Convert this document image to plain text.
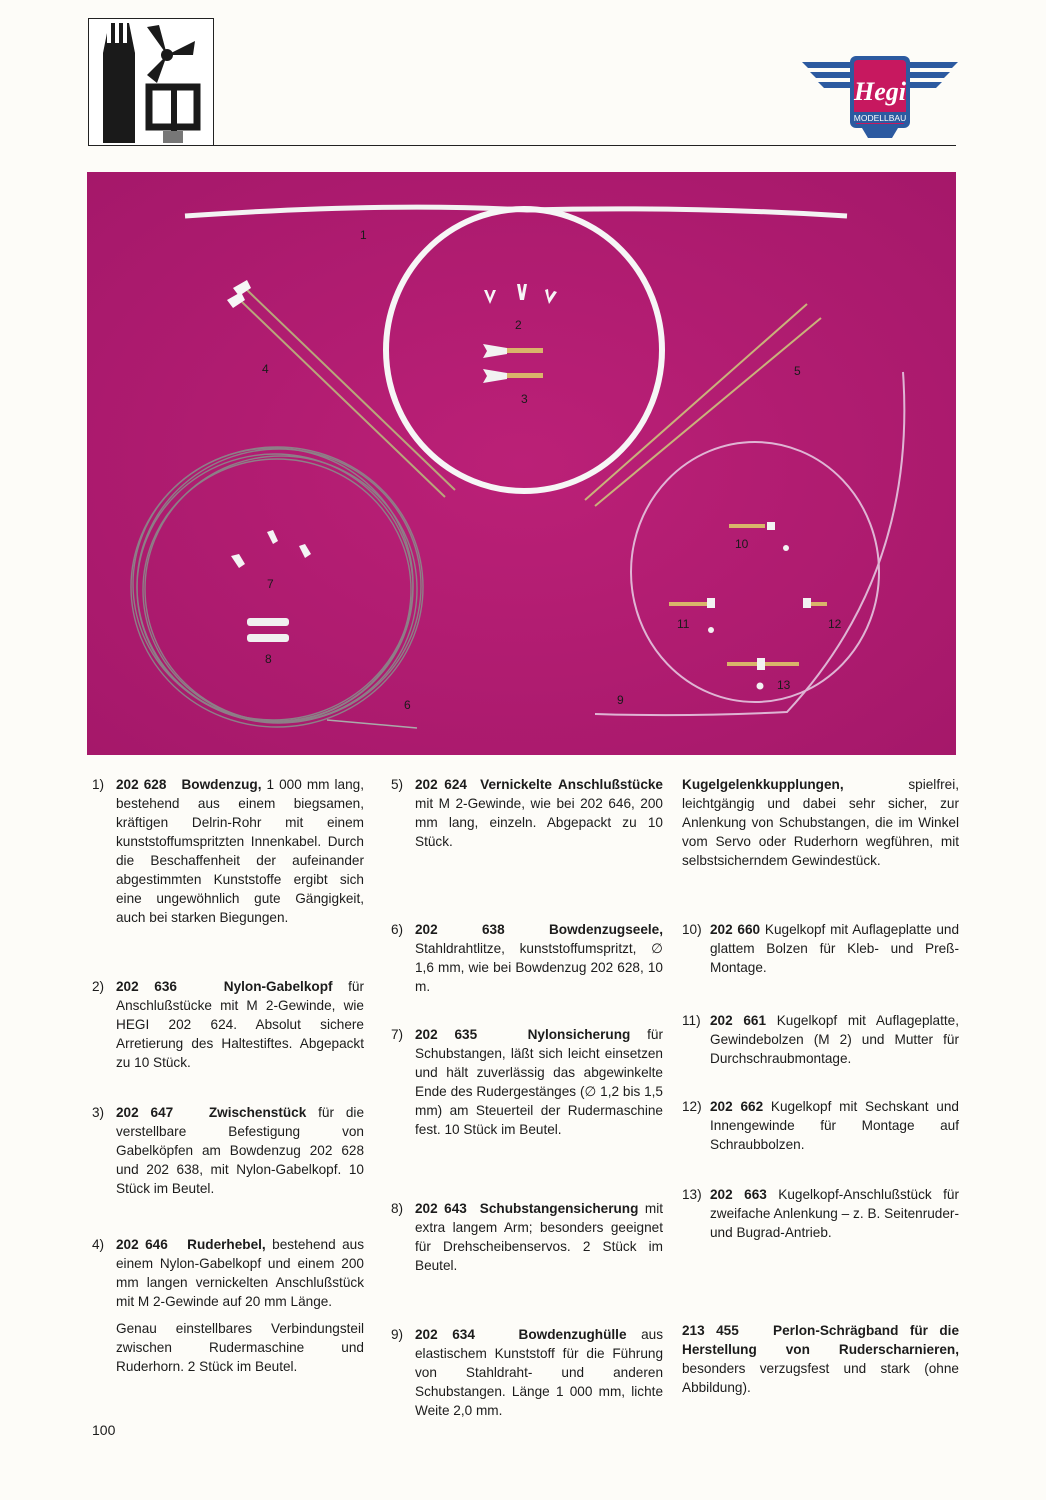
Hegi
MODELLBAU
1
2
3
4	5
6
7
8
9
10
11	12
13
1) 202 628 Bowdenzug, 1 000 mm lang, bestehend aus einem biegsamen, kräftigen Delrin-Rohr mit einem kunststoffumspritzten Innenkabel. Durch die Beschaffenheit der aufeinander abgestimmten Kunststoffe ergibt sich eine ungewöhnlich gute Gängigkeit, auch bei starken Biegungen.
2) 202 636	Nylon-Gabelkopf für Anschlußstücke mit M 2-Gewinde, wie HEGI 202 624. Absolut sichere Arretierung des Haltestiftes. Abgepackt zu 10 Stück.
3) 202 647	Zwischenstück für die verstellbare Befestigung von Gabelköpfen am Bowdenzug 202 628 und 202 638, mit Nylon-Gabelkopf. 10 Stück im Beutel.
4) 202 646 Ruderhebel, bestehend aus einem Nylon-Gabelkopf und einem 200 mm langen vernickelten Anschlußstück mit M 2-Gewinde auf 20 mm Länge.
Genau einstellbares Verbindungsteil zwischen Rudermaschine und Ruderhorn. 2 Stück im Beutel.
5) 202 624 Vernickelte Anschlußstücke mit M 2-Gewinde, wie bei 202 646, 200 mm lang, einzeln. Abgepackt zu 10 Stück.
6) 202 638	Bowdenzugseele, Stahldrahtlitze, kunststoffumspritzt, ∅ 1,6 mm, wie bei Bowdenzug 202 628, 10 m.
7) 202 635	Nylonsicherung für Schubstangen, läßt sich leicht einsetzen und hält zuverlässig das abgewinkelte Ende des Rudergestänges (∅ 1,2 bis 1,5 mm) am Steuerteil der Rudermaschine fest. 10 Stück im Beutel.
8) 202 643 Schubstangensicherung mit extra langem Arm; besonders geeignet für Drehscheibenservos. 2 Stück im Beutel.
9) 202 634	Bowdenzughülle aus elastischem Kunststoff für die Führung von Stahldraht- und anderen Schubstangen. Länge 1 000 mm, lichte Weite 2,0 mm.
Kugelgelenkkupplungen, spielfrei, leichtgängig und dabei sehr sicher, zur Anlenkung von Schubstangen, die im Winkel vom Servo oder Ruderhorn wegführen, mit selbstsicherndem Gewindestück.
10) 202 660 Kugelkopf mit Auflageplatte und glattem Bolzen für Kleb- und Preß-Montage.
11) 202 661 Kugelkopf mit Auflageplatte, Gewindebolzen (M 2) und Mutter für Durchschraubmontage.
12) 202 662 Kugelkopf mit Sechskant und Innengewinde für Montage auf Schraubbolzen.
13) 202 663 Kugelkopf-Anschlußstück für zweifache Anlenkung – z. B. Seitenruder- und Bugrad-Antrieb.
213 455	Perlon-Schrägband für die Herstellung von Ruderscharnieren, besonders verzugsfest und stark (ohne Abbildung).
100
